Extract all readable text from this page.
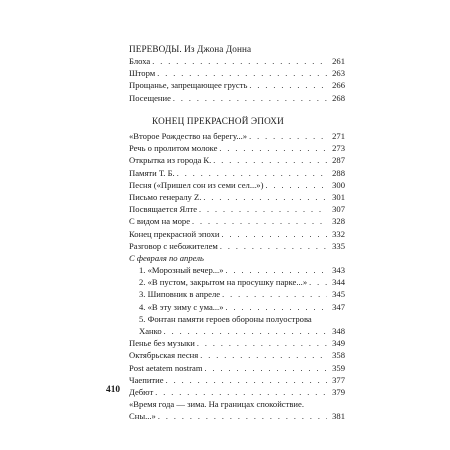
ПЕРЕВОДЫ. Из Джона Донна
Блоха . . .	261
Шторм . . .	263
Прощанье, запрещающее грусть . . .	266
Посещение . . .	268
КОНЕЦ ПРЕКРАСНОЙ ЭПОХИ
«Второе Рождество на берегу...» . . .	271
Речь о пролитом молоке . . .	273
Открытка из города К. . . .	287
Памяти Т. Б. . . .	288
Песня («Пришел сон из семи сел...») . . .	300
Письмо генералу Z. . . .	301
Посвящается Ялте . . .	307
С видом на море . . .	328
Конец прекрасной эпохи . . .	332
Разговор с небожителем . . .	335
С февраля по апрель
1. «Морозный вечер...» . . .	343
2. «В пустом, закрытом на просушку парке...» . . .	344
3. Шиповник в апреле . . .	345
4. «В эту зиму с ума...» . . .	347
5. Фонтан памяти героев обороны полуострова
Ханко . . .	348
Пенье без музыки . . .	349
Октябрьская песня . . .	358
Post aetatem nostram . . .	359
Чаепитие . . .	377
Дебют . . .	379
«Время года — зима. На границах спокойствие.
Сны...» . . .	381
410
